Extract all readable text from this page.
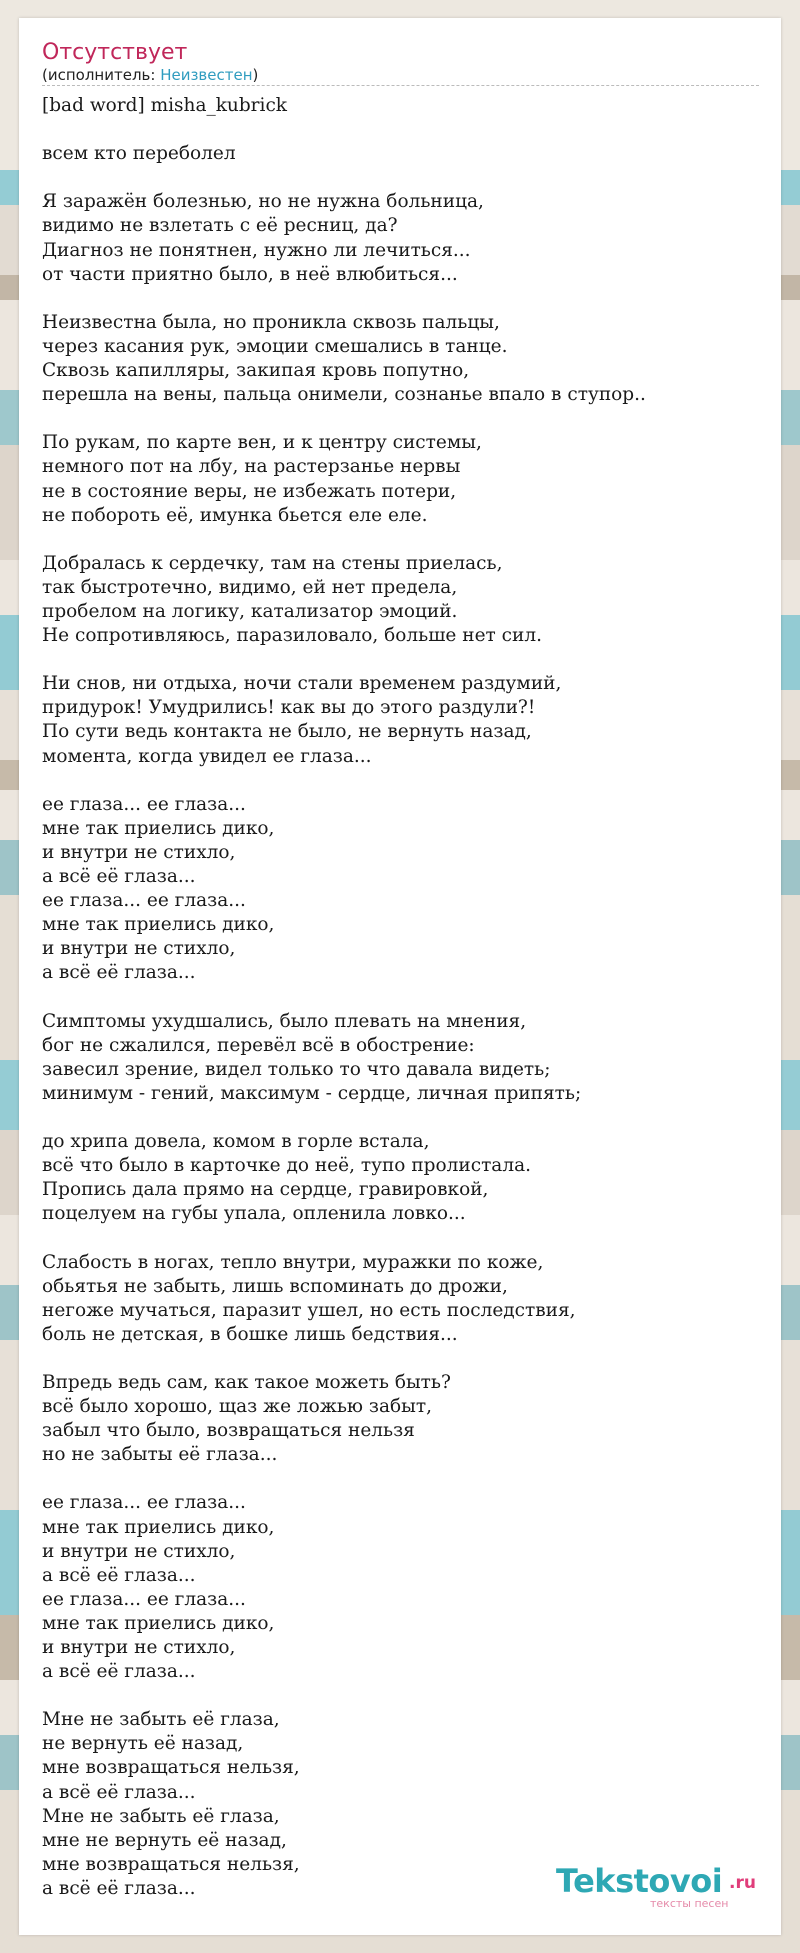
Отсутствует
(исполнитель: Неизвестен)
[bad word] misha_kubrick

всем кто переболел

Я заражён болезнью, но не нужна больница,
видимо не взлетать с её ресниц, да?
Диагноз не понятнен, нужно ли лечиться...
от части приятно было, в неё влюбиться...

Неизвестна была, но проникла сквозь пальцы,
через касания рук, эмоции смешались в танце.
Сквозь капилляры, закипая кровь попутно,
перешла на вены, пальца онимели, сознанье впало в ступор..

По рукам, по карте вен, и к центру системы,
немного пот на лбу, на растерзанье нервы
не в состояние веры, не избежать потери,
не побороть её, имунка бьется еле еле.

Добралась к сердечку, там на стены приелась,
так быстротечно, видимо, ей нет предела,
пробелом на логику, катализатор эмоций.
Не сопротивляюсь, паразиловало, больше нет сил.

Ни снов, ни отдыха, ночи стали временем раздумий,
придурок! Умудрились! как вы до этого раздули?!
По сути ведь контакта не было, не вернуть назад,
момента, когда увидел ее глаза...

ее глаза... ее глаза...
мне так приелись дико,
и внутри не стихло,
а всё её глаза...
ее глаза... ее глаза...
мне так приелись дико,
и внутри не стихло,
а всё её глаза...

Симптомы ухудшались, было плевать на мнения,
бог не сжалился, перевёл всё в обострение:
завесил зрение, видел только то что давала видеть;
минимум - гений, максимум - сердце, личная припять;

до хрипа довела, комом в горле встала,
всё что было в карточке до неё, тупо пролистала.
Пропись дала прямо на сердце, гравировкой,
поцелуем на губы упала, опленила ловко...

Слабость в ногах, тепло внутри, муражки по коже,
обьятья не забыть, лишь вспоминать до дрожи,
негоже мучаться, паразит ушел, но есть последствия,
боль не детская, в бошке лишь бедствия...

Впредь ведь сам, как такое можеть быть?
всё было хорошо, щаз же ложью забыт,
забыл что было, возвращаться нельзя
но не забыты её глаза...

ее глаза... ее глаза...
мне так приелись дико,
и внутри не стихло,
а всё её глаза...
ее глаза... ее глаза...
мне так приелись дико,
и внутри не стихло,
а всё её глаза...

Мне не забыть её глаза,
не вернуть её назад,
мне возвращаться нельзя,
а всё её глаза...
Мне не забыть её глаза,
мне не вернуть её назад,
мне возвращаться нельзя,
а всё её глаза...	Tekstovoi .ru
тексты песен
